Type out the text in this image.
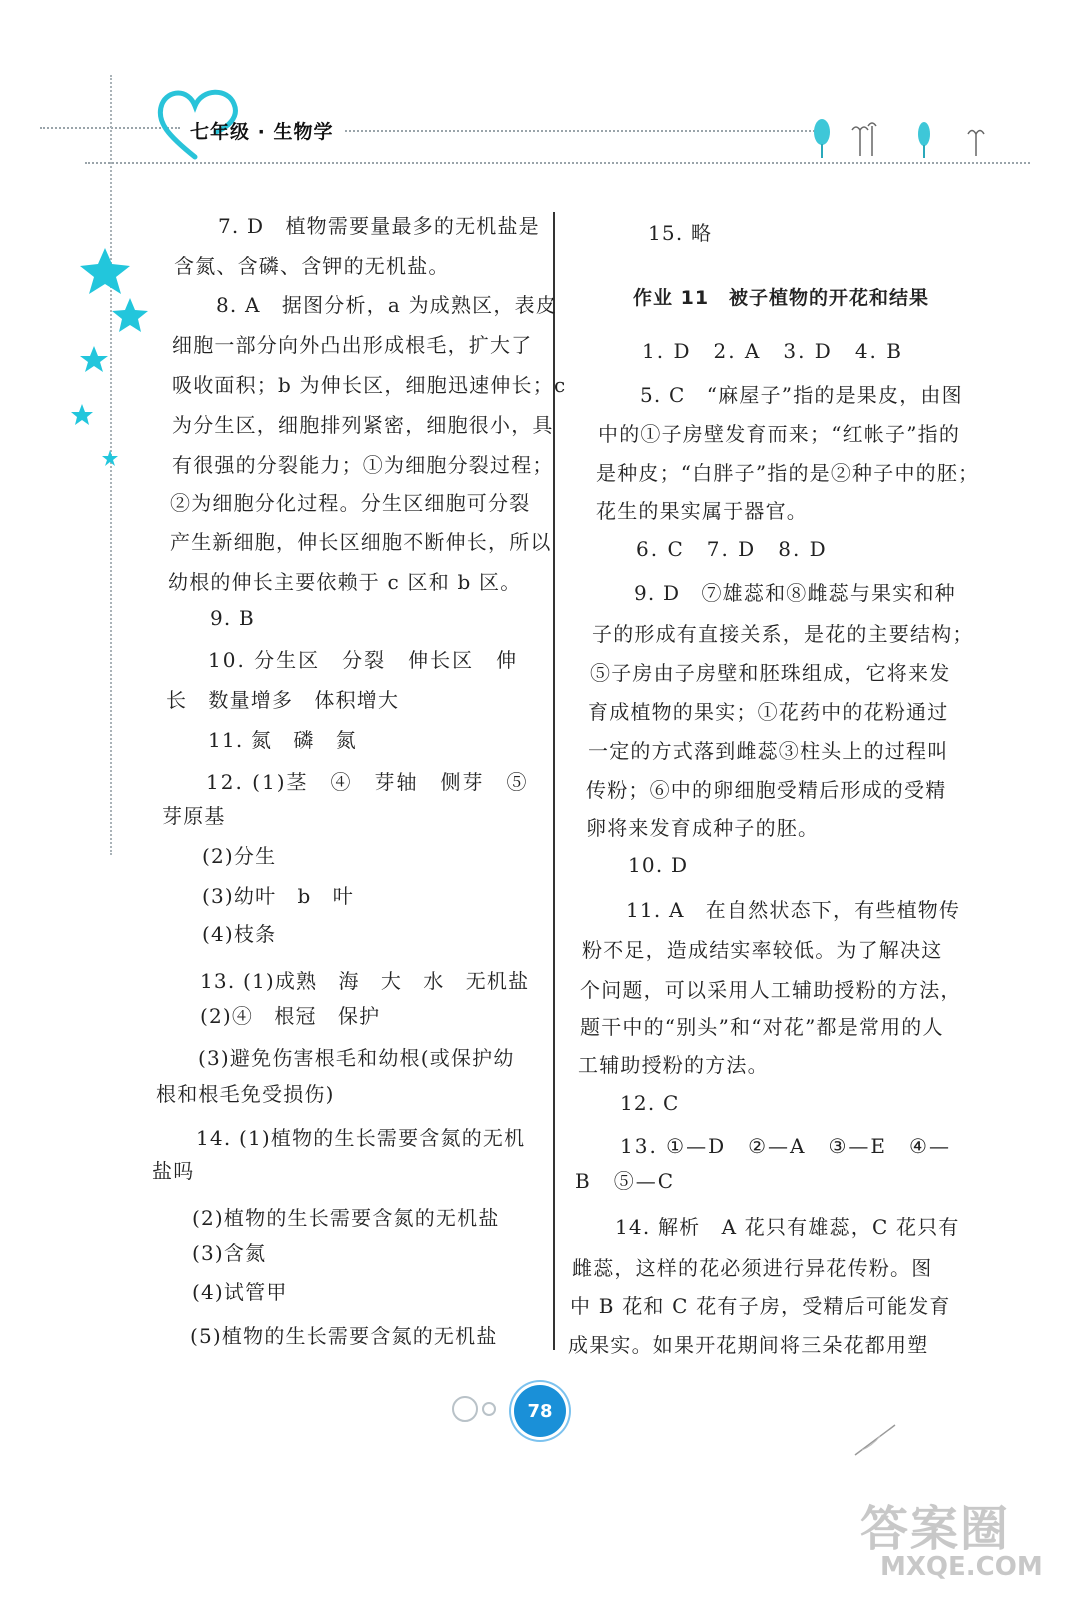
七年级 · 生物学
7. D　植物需要量最多的无机盐是
含氮、含磷、含钾的无机盐。
8. A　据图分析，a 为成熟区，表皮
细胞一部分向外凸出形成根毛，扩大了
吸收面积；b 为伸长区，细胞迅速伸长；c
为分生区，细胞排列紧密，细胞很小，具
有很强的分裂能力；①为细胞分裂过程；
②为细胞分化过程。分生区细胞可分裂
产生新细胞，伸长区细胞不断伸长，所以
幼根的伸长主要依赖于 c 区和 b 区。
9. B
10. 分生区　分裂　伸长区　伸
长　数量增多　体积增大
11. 氮　磷　氮
12. (1)茎　④　芽轴　侧芽　⑤
芽原基
(2)分生
(3)幼叶　b　叶
(4)枝条
13. (1)成熟　海　大　水　无机盐
(2)④　根冠　保护
(3)避免伤害根毛和幼根(或保护幼
根和根毛免受损伤)
14. (1)植物的生长需要含氮的无机
盐吗
(2)植物的生长需要含氮的无机盐
(3)含氮
(4)试管甲
(5)植物的生长需要含氮的无机盐
15. 略
作业 11　被子植物的开花和结果
1. D　2. A　3. D　4. B
5. C　“麻屋子”指的是果皮，由图
中的①子房壁发育而来；“红帐子”指的
是种皮；“白胖子”指的是②种子中的胚；
花生的果实属于器官。
6. C　7. D　8. D
9. D　⑦雄蕊和⑧雌蕊与果实和种
子的形成有直接关系，是花的主要结构；
⑤子房由子房壁和胚珠组成，它将来发
育成植物的果实；①花药中的花粉通过
一定的方式落到雌蕊③柱头上的过程叫
传粉；⑥中的卵细胞受精后形成的受精
卵将来发育成种子的胚。
10. D
11. A　在自然状态下，有些植物传
粉不足，造成结实率较低。为了解决这
个问题，可以采用人工辅助授粉的方法，
题干中的“别头”和“对花”都是常用的人
工辅助授粉的方法。
12. C
13. ①—D　②—A　③—E　④—
B　⑤—C
14. 解析　A 花只有雄蕊，C 花只有
雌蕊，这样的花必须进行异花传粉。图
中 B 花和 C 花有子房，受精后可能发育
成果实。如果开花期间将三朵花都用塑
78
答案圈
MXQE.COM
